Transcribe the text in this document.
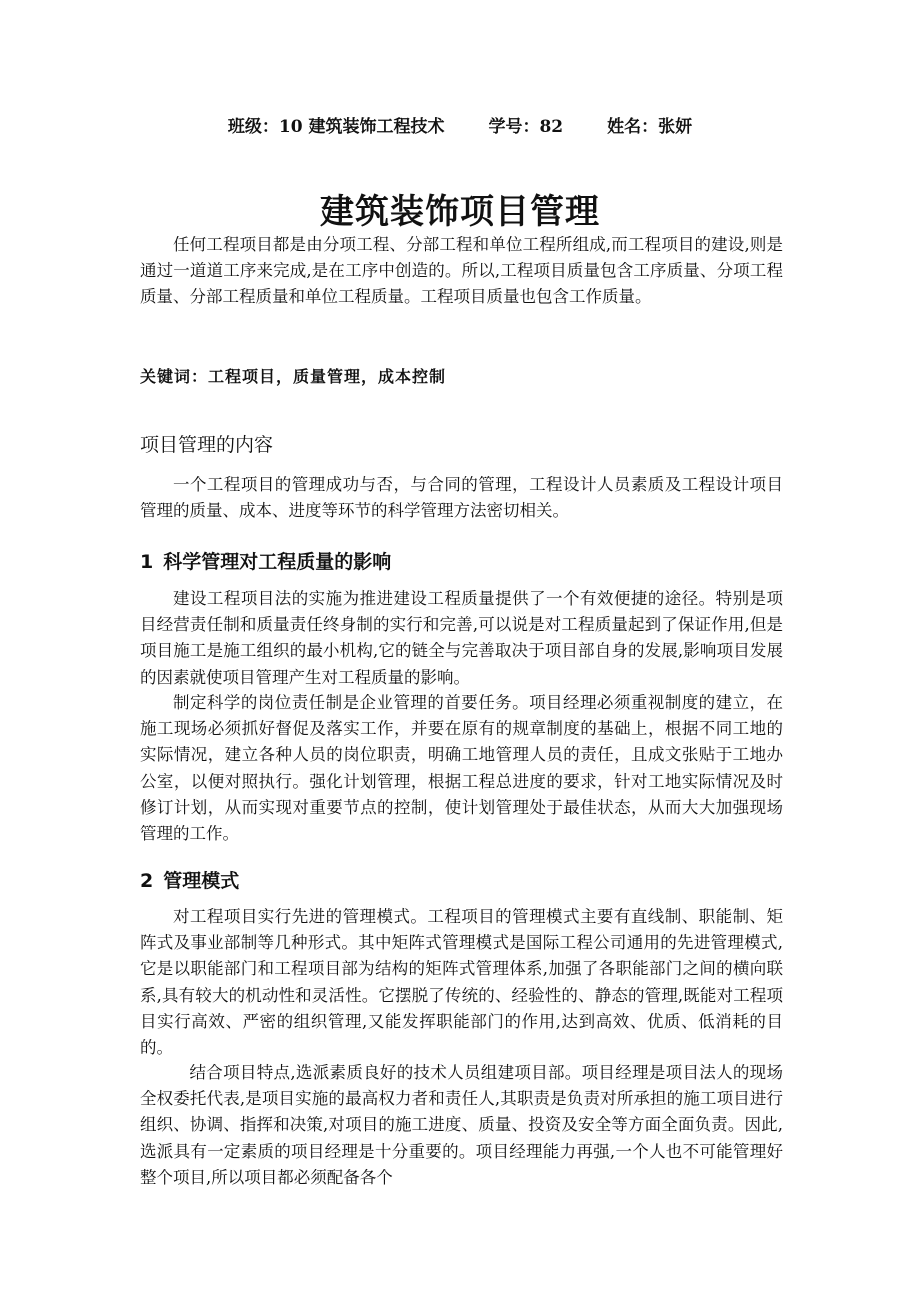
班级：10 建筑装饰工程技术	学号：82	姓名：张妍
建筑装饰项目管理

任何工程项目都是由分项工程、分部工程和单位工程所组成,而工程项目的建设,则是通过一道道工序来完成,是在工序中创造的。所以,工程项目质量包含工序质量、分项工程质量、分部工程质量和单位工程质量。工程项目质量也包含工作质量。

关键词：工程项目，质量管理，成本控制
项目管理的内容

一个工程项目的管理成功与否，与合同的管理，工程设计人员素质及工程设计项目管理的质量、成本、进度等环节的科学管理方法密切相关。

1 科学管理对工程质量的影响

建设工程项目法的实施为推进建设工程质量提供了一个有效便捷的途径。特别是项目经营责任制和质量责任终身制的实行和完善,可以说是对工程质量起到了保证作用,但是项目施工是施工组织的最小机构,它的链全与完善取决于项目部自身的发展,影响项目发展的因素就使项目管理产生对工程质量的影响。

制定科学的岗位责任制是企业管理的首要任务。项目经理必须重视制度的建立，在施工现场必须抓好督促及落实工作，并要在原有的规章制度的基础上，根据不同工地的实际情况，建立各种人员的岗位职责，明确工地管理人员的责任，且成文张贴于工地办公室，以便对照执行。强化计划管理，根据工程总进度的要求，针对工地实际情况及时修订计划，从而实现对重要节点的控制，使计划管理处于最佳状态，从而大大加强现场管理的工作。

2 管理模式

对工程项目实行先进的管理模式。工程项目的管理模式主要有直线制、职能制、矩阵式及事业部制等几种形式。其中矩阵式管理模式是国际工程公司通用的先进管理模式,它是以职能部门和工程项目部为结构的矩阵式管理体系,加强了各职能部门之间的横向联系,具有较大的机动性和灵活性。它摆脱了传统的、经验性的、静态的管理,既能对工程项目实行高效、严密的组织管理,又能发挥职能部门的作用,达到高效、优质、低消耗的目的。

结合项目特点,选派素质良好的技术人员组建项目部。项目经理是项目法人的现场全权委托代表,是项目实施的最高权力者和责任人,其职责是负责对所承担的施工项目进行组织、协调、指挥和决策,对项目的施工进度、质量、投资及安全等方面全面负责。因此,选派具有一定素质的项目经理是十分重要的。项目经理能力再强,一个人也不可能管理好整个项目,所以项目都必须配备各个
